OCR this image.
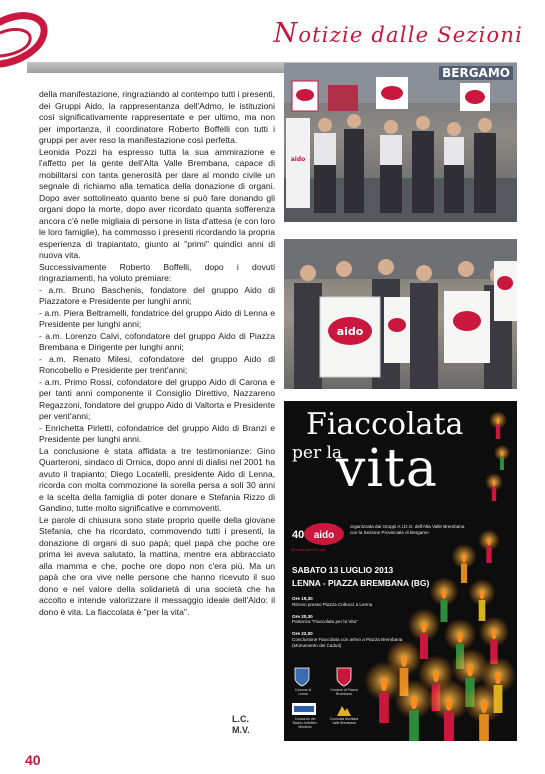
Notizie dalle Sezioni

della manifestazione, ringraziando al contempo tutti i presenti, dei Gruppi Aido, la rappresentanza dell'Admo, le istituzioni così significativamente rappresentate e per ultimo, ma non per importanza, il coordinatore Roberto Boffelli con tutti i gruppi per aver reso la manifestazione così perfetta.

Leonida Pozzi ha espresso tutta la sua ammirazione e l'affetto per la gente dell'Alta Valle Brembana, capace di mobilitarsi con tanta generosità per dare al mondo civile un segnale di richiamo alla tematica della donazione di organi. Dopo aver sottolineato quanto bene si può fare donando gli organi dopo la morte, dopo aver ricordato quanta sofferenza ancora c'è nelle migliaia di persone in lista d'attesa (e con loro le loro famiglie), ha commosso i presenti ricordando la propria esperienza di trapiantato, giunto ai "primi" quindici anni di nuova vita.

Successivamente Roberto Boffelli, dopo i dovuti ringraziamenti, ha voluto premiare:

- a.m. Bruno Baschenis, fondatore del gruppo Aido di Piazzatore e Presidente per lunghi anni;

- a.m. Piera Beltramelli, fondatrice del gruppo Aido di Lenna e Presidente per lunghi anni;

- a.m. Lorenzo Calvi, cofondatore del gruppo Aido di Piazza Brembana e Dirigente per lunghi anni;

- a.m. Renato Milesi, cofondatore del gruppo Aido di Roncobello e Presidente per trent'anni;

- a.m. Primo Rossi, cofondatore del gruppo Aido di Carona e per tanti anni componente il Consiglio Direttivo, Nazzareno Regazzoni, fondatore del gruppo Aido di Valtorta e Presidente per vent'anni;

- Enrichetta Pirletti, cofondatrice del gruppo Aido di Branzi e Presidente per lunghi anni.

La conclusione è stata affidata a tre testimonianze: Gino Quarteroni, sindaco di Ornica, dopo anni di dialisi nel 2001 ha avuto il trapianto; Diego Locatelli, presidente Aido di Lenna, ricorda con molta commozione la sorella persa a soli 30 anni e la scelta della famiglia di poter donare e Stefania Rizzo di Gandino, tutte molto significative e commoventi.

Le parole di chiusura sono state proprio quelle della giovane Stefania, che ha ricordato, commovendo tutti i presenti, la donazione di organi di suo papà; quel papà che poche ore prima lei aveva salutato, la mattina, mentre era abbracciato alla mamma e che, poche ore dopo non c'era più. Ma un papà che ora vive nelle persone che hanno ricevuto il suo dono e nel valore della solidarietà di una società che ha accolto e intende valorizzare il messaggio ideale dell'Aido: il dono è vita. La fiaccolata è "per la vita".

L.C.
M.V.
40
aido
BERGAMO
aido
Fiaccolata
per la
vita
40 aido
40 anni pieni di vita
organizzata dai Gruppi A.I.D.O. dell'Alta Valle Brembana con la Sezione Provinciale di Bergamo
SABATO 13 LUGLIO 2013
LENNA - PIAZZA BREMBANA (BG)
Ore 19,30
Ritrovo presso Piazza Coltucci a Lenna
Ore 20,30
Partenza "Fiaccolata per la Vita"
Ore 22,00
Conclusione Fiaccolata con arrivo a Piazza Brembana (Monumento dei Caduti)
Comune di Lenna
Comune di Piazza Brembana
Consorzio dei Bacino Imbrifero Montano
Comunità Montana Valle Brembana
